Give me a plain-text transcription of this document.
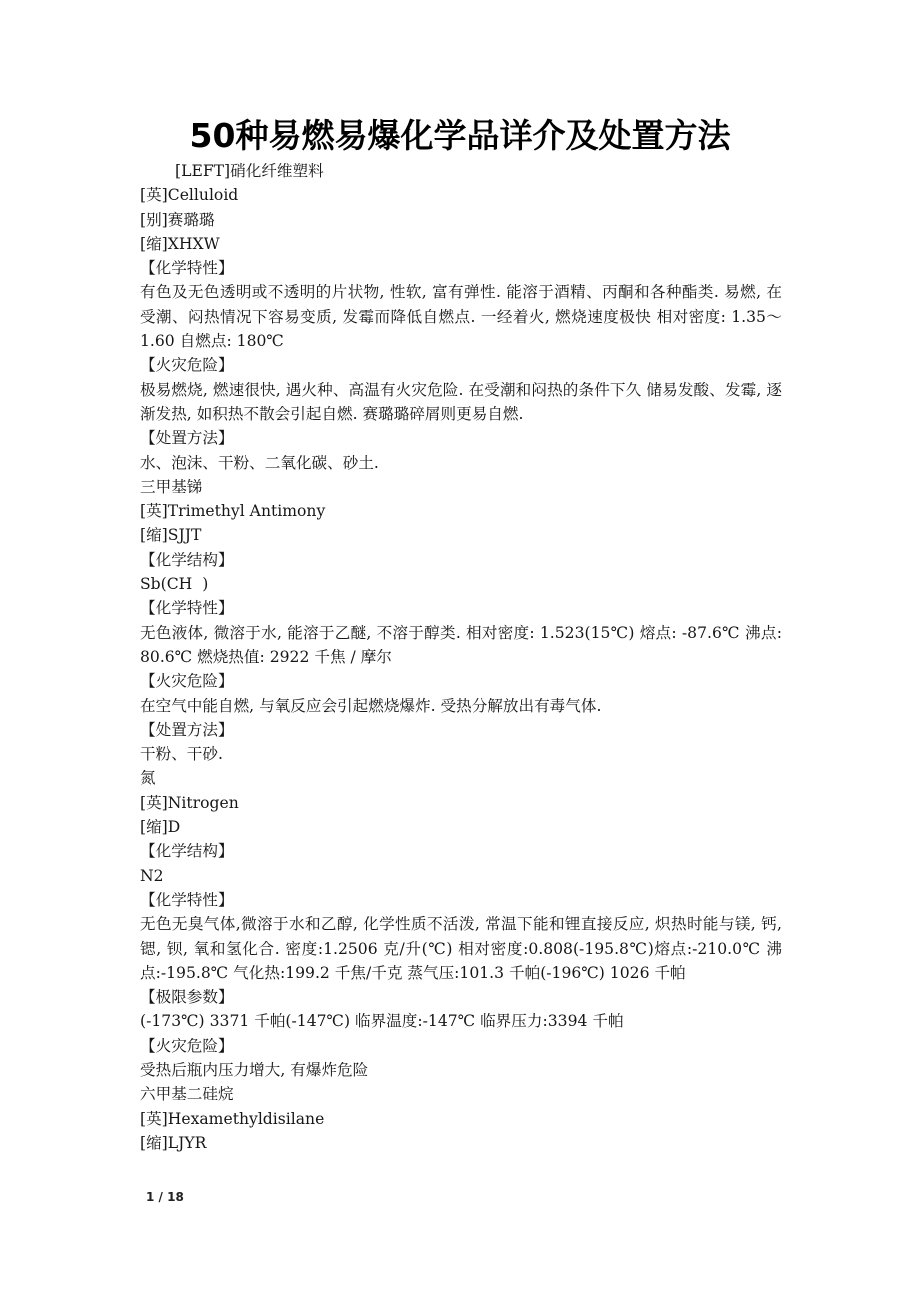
50种易燃易爆化学品详介及处置方法
[LEFT]硝化纤维塑料
[英]Celluloid
[别]赛璐璐
[缩]XHXW
【化学特性】
有色及无色透明或不透明的片状物, 性软, 富有弹性. 能溶于酒精、丙酮和各种酯类. 易燃, 在受潮、闷热情况下容易变质, 发霉而降低自燃点. 一经着火, 燃烧速度极快 相对密度: 1.35～1.60 自燃点: 180℃
【火灾危险】
极易燃烧, 燃速很快, 遇火种、高温有火灾危险. 在受潮和闷热的条件下久 储易发酸、发霉, 逐渐发热, 如积热不散会引起自燃. 赛璐璐碎屑则更易自燃.
【处置方法】
水、泡沫、干粉、二氧化碳、砂土.
三甲基锑
[英]Trimethyl Antimony
[缩]SJJT
【化学结构】
Sb(CH  )
【化学特性】
无色液体, 微溶于水, 能溶于乙醚, 不溶于醇类. 相对密度: 1.523(15℃) 熔点: -87.6℃ 沸点: 80.6℃ 燃烧热值: 2922 千焦 / 摩尔
【火灾危险】
在空气中能自燃, 与氧反应会引起燃烧爆炸. 受热分解放出有毒气体.
【处置方法】
干粉、干砂.
氮
[英]Nitrogen
[缩]D
【化学结构】
N2
【化学特性】
无色无臭气体,微溶于水和乙醇, 化学性质不活泼, 常温下能和锂直接反应, 炽热时能与镁, 钙, 锶, 钡, 氧和氢化合. 密度:1.2506 克/升(℃) 相对密度:0.808(-195.8℃)熔点:-210.0℃ 沸点:-195.8℃ 气化热:199.2 千焦/千克 蒸气压:101.3 千帕(-196℃) 1026 千帕
【极限参数】
(-173℃) 3371 千帕(-147℃) 临界温度:-147℃ 临界压力:3394 千帕
【火灾危险】
受热后瓶内压力增大, 有爆炸危险
六甲基二硅烷
[英]Hexamethyldisilane
[缩]LJYR
1 / 18
